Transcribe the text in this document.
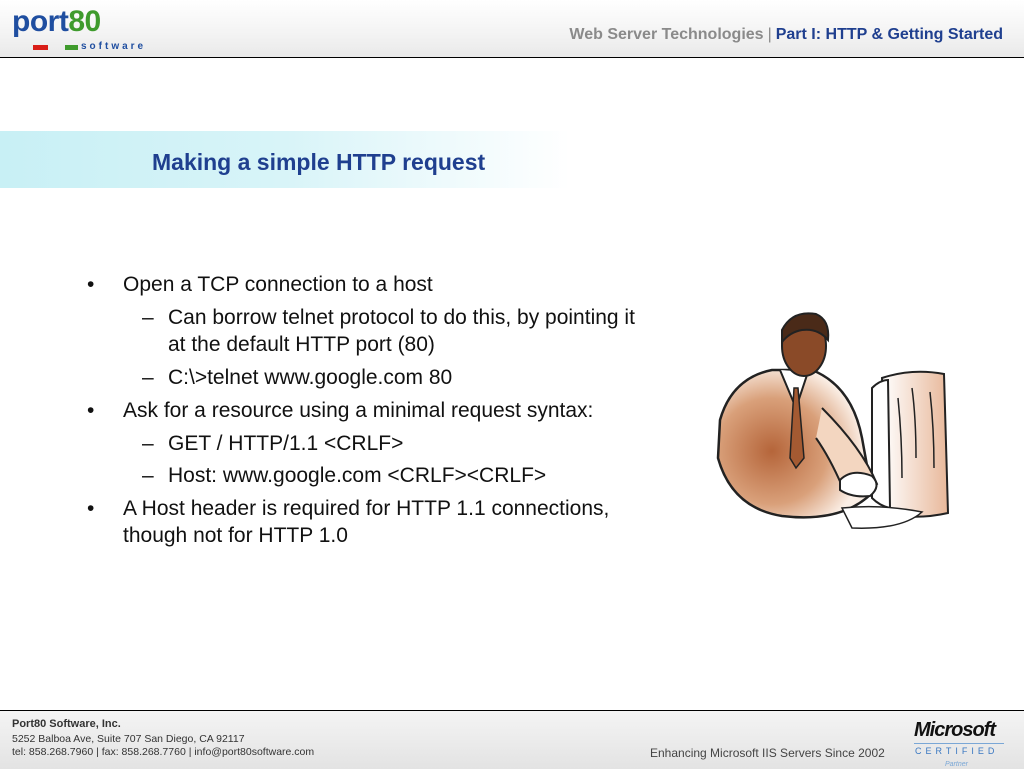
port80
software
Web Server Technologies | Part I: HTTP & Getting Started
Making a simple HTTP request
• Open a TCP connection to a host
– Can borrow telnet protocol to do this, by pointing it
at the default HTTP port (80)
– C:\>telnet www.google.com 80
• Ask for a resource using a minimal request syntax:
– GET / HTTP/1.1 <CRLF>
– Host: www.google.com <CRLF><CRLF>
• A Host header is required for HTTP 1.1 connections,
though not for HTTP 1.0
Port80 Software, Inc.
5252 Balboa Ave, Suite 707 San Diego, CA 92117
tel: 858.268.7960 | fax: 858.268.7760 | info@port80software.com	Enhancing Microsoft IIS Servers Since 2002
Microsoft
CERTIFIED
Partner
